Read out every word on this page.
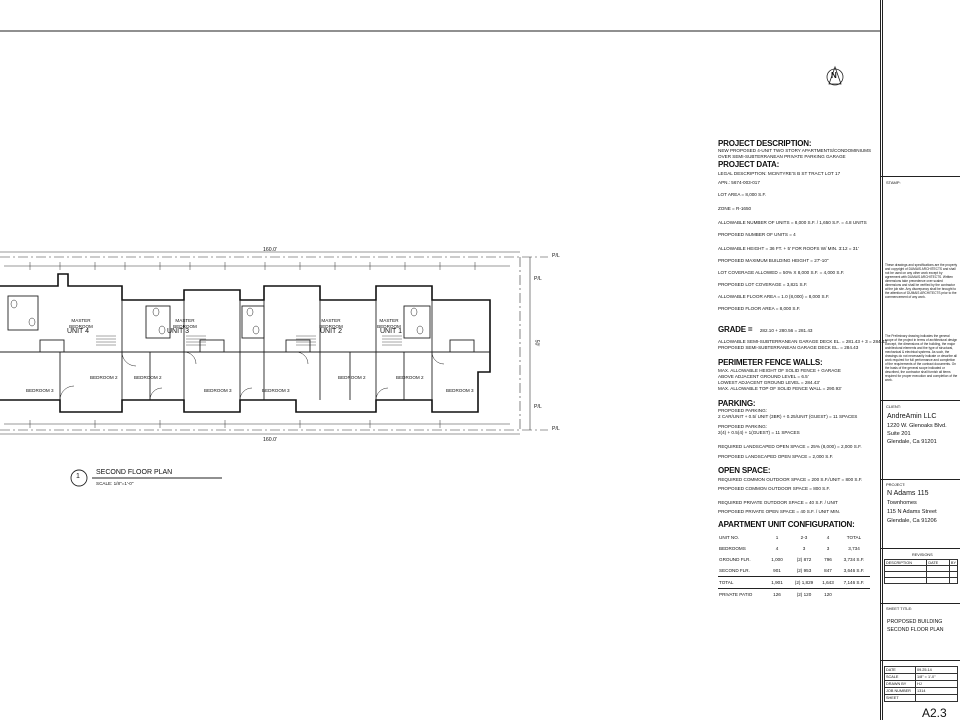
160.0'
160.0'
50'
P/L
P/L
P/L
P/L
N
MASTER BEDROOM
MASTER BEDROOM
MASTER BEDROOM
MASTER BEDROOM
UNIT 4	UNIT 3	UNIT 2	UNIT 1
BEDROOM 3
BEDROOM 2	BEDROOM 2
BEDROOM 3	BEDROOM 3
BEDROOM 2	BEDROOM 2
BEDROOM 3
1
SECOND FLOOR PLAN
SCALE: 1/8"=1'-0"
PROJECT DESCRIPTION:
NEW PROPOSED 4-UNIT TWO STORY APARTMENTS/CONDOMINIUMS
OVER SEMI-SUBTERRANEAN PRIVATE PARKING GARAGE
PROJECT DATA:
LEGAL DESCRIPTION: MCINTYRE'S B ST TRACT LOT 17
APN.: 5674-003-017
LOT AREA = 8,000 S.F.
ZONE = R-1650
ALLOWABLE NUMBER OF UNITS = 8,000 S.F. / 1,650 S.F. = 4.8 UNITS
PROPOSED NUMBER OF UNITS = 4
ALLOWABLE HEIGHT = 36 FT. + 5' FOR ROOFS W/ MIN. 3:12 = 31'
PROPOSED MAXIMUM BUILDING HEIGHT = 27'-10"
LOT COVERAGE ALLOWED = 50% X 8,000 S.F. = 4,000 S.F.
PROPOSED LOT COVERAGE = 3,821 S.F.
ALLOWABLE FLOOR AREA = 1.0 (8,000) = 8,000 S.F.
PROPOSED FLOOR AREA = 8,000 S.F.
GRADE = 282.10 + 280.56 = 281.43
ALLOWABLE SEMI-SUBTERRANEAN GARAGE DECK EL. = 281.43 + 3 = 284.43
PROPOSED SEMI-SUBTERRANEAN GARAGE DECK EL. = 284.43
PERIMETER FENCE WALLS:
MAX. ALLOWABLE HEIGHT OF SOLID FENCE + GARAGE
ABOVE ADJACENT GROUND LEVEL = 6.5'
LOWEST ADJACENT GROUND LEVEL = 284.43'
MAX. ALLOWABLE TOP OF SOLID FENCE WALL = 290.93'
PARKING:
PROPOSED PARKING:
2 CAR/UNIT + 0.5/ UNIT (3BR) + 0.25/UNIT (GUEST) = 11 SPACES
PROPOSED PARKING:
2(4) + 0.5(4) + 1(GUEST) = 11 SPACES
REQUIRED LANDSCAPED OPEN SPACE = 25% (8,000) = 2,000 S.F.
PROPOSED LANDSCAPED OPEN SPACE = 2,000 S.F.
OPEN SPACE:
REQUIRED COMMON OUTDOOR SPACE = 200 S.F./UNIT = 800 S.F.
PROPOSED COMMON OUTDOOR SPACE = 800 S.F.
REQUIRED PRIVATE OUTDOOR SPACE = 40 S.F. / UNIT
PROPOSED PRIVATE OPEN SPACE = 40 S.F. / UNIT MIN.
APARTMENT UNIT CONFIGURATION:
UNIT NO.	1	2-3	4	TOTAL
BEDROOMS	4	3	3	3,734
GROUND FLR.	1,000	(2) 872	796	3,734 S.F.
SECOND FLR.	901	(2) 953	847	3,646 S.F.
TOTAL	1,901	(2) 1,829	1,643	7,146 S.F.
PRIVATE PATIO	126	(2) 120	120	
STAMP:
These drawings and specifications are the property and copyright of DUMAIS ARCHITECTS and shall not be used on any other work except by agreement with DUMAIS ARCHITECTS. Written dimensions take precedence over scaled dimensions and shall be verified by the contractor at the job site. Any discrepancy shall be brought to the attention of DUMAIS ARCHITECTS prior to the commencement of any work.
The Preliminary drawing indicates the general scope of the project in terms of architectural design concept, the dimensions of the building, the major architectural elements and the type of structural, mechanical & electrical systems. As such, the drawings do not necessarily indicate or describe all work required for full performance and completion of the requirements of the contract documents. On the basis of the general scope indicated or described, the contractor shall furnish all items required for proper execution and completion of the work.
CLIENT:
AndreAmin LLC
1220 W. Glenoaks Blvd.
Suite 201
Glendale, Ca 91201
PROJECT:
N Adams 115
Townhomes
115 N Adams Street
Glendale, Ca 91206
REVISIONS
DESCRIPTION	DATE	BY

SHEET TITLE:
PROPOSED BUILDING
SECOND FLOOR PLAN
DATE	09.25.14
SCALE	1/8" = 1'-0"
DRAWN BY	HJ
JOB NUMBER	1314
SHEET	
A2.3
